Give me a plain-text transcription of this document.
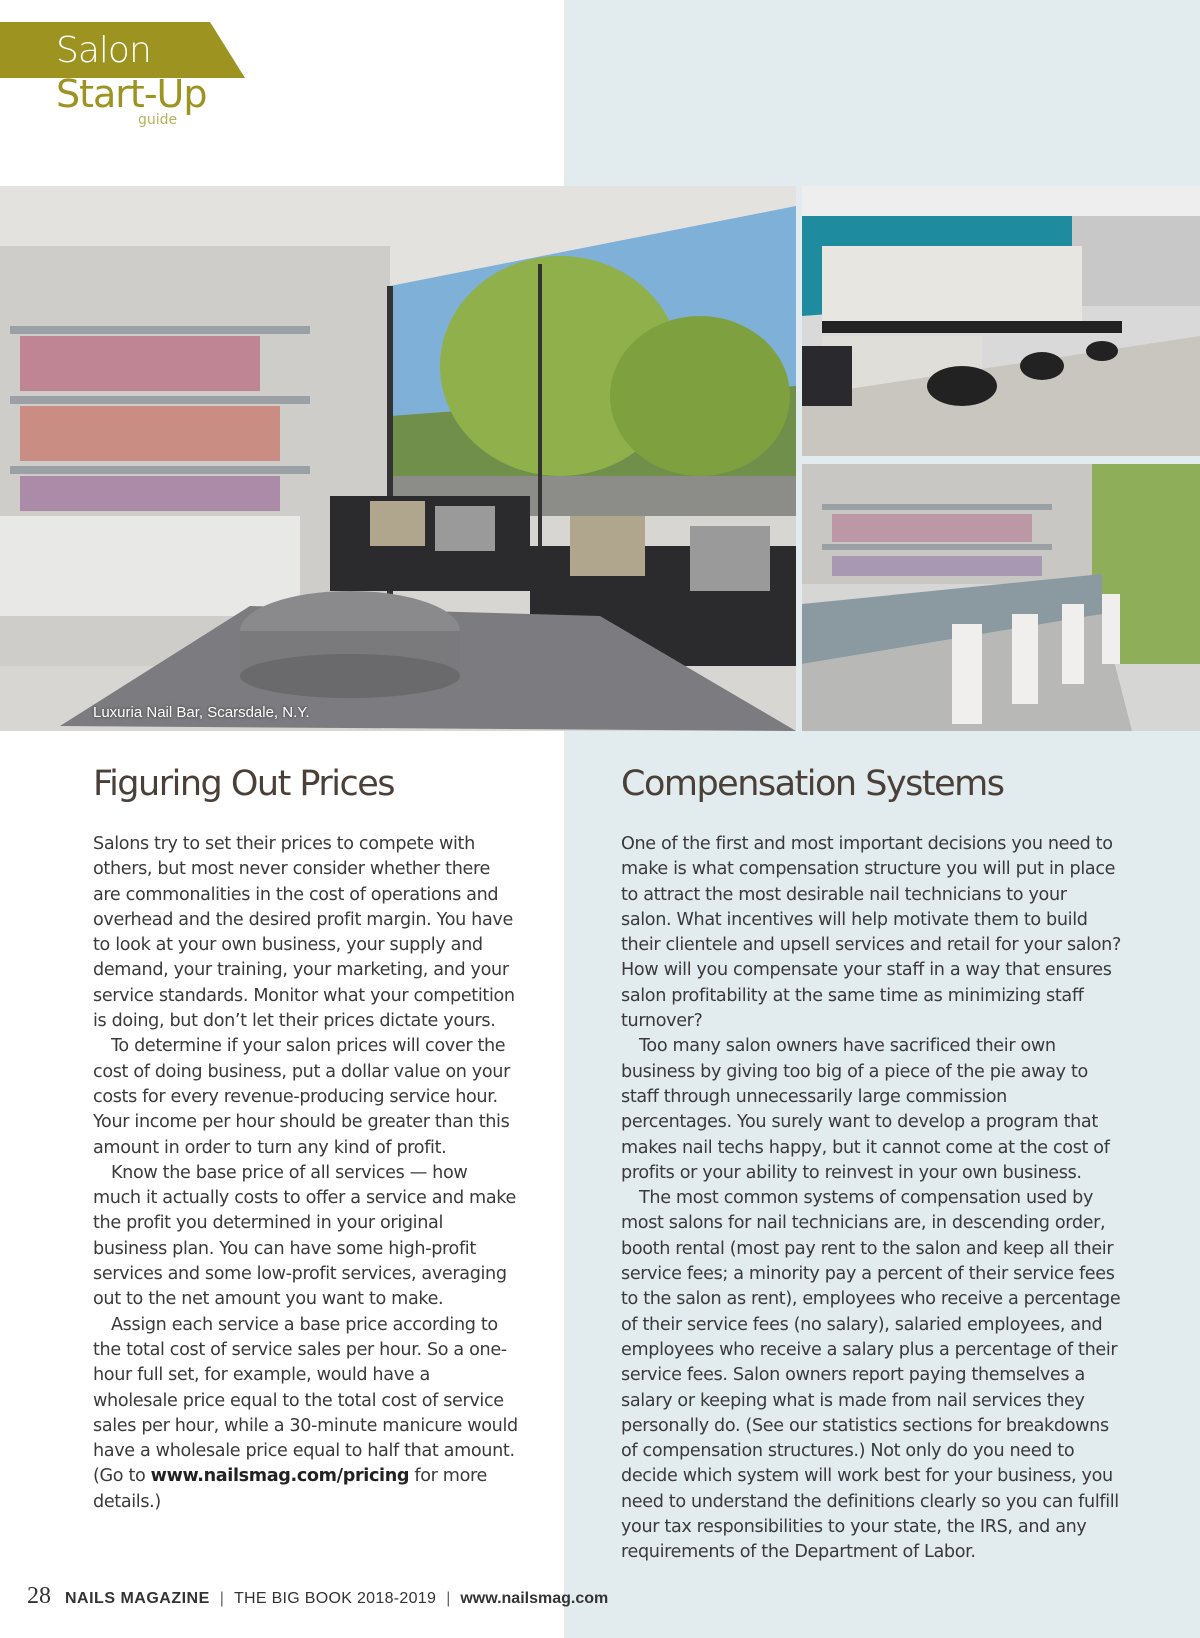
Salon
Start-Up
guide
Luxuria Nail Bar, Scarsdale, N.Y.
Figuring Out Prices

Salons try to set their prices to compete with others, but most never consider whether there are commonalities in the cost of operations and overhead and the desired profit margin. You have to look at your own business, your supply and demand, your training, your marketing, and your service standards. Monitor what your competition is doing, but don’t let their prices dictate yours.

To determine if your salon prices will cover the cost of doing business, put a dollar value on your costs for every revenue-producing service hour. Your income per hour should be greater than this amount in order to turn any kind of profit.

Know the base price of all services — how much it actually costs to offer a service and make the profit you determined in your original business plan. You can have some high-profit services and some low-profit services, averaging out to the net amount you want to make.

Assign each service a base price according to the total cost of service sales per hour. So a one-hour full set, for example, would have a wholesale price equal to the total cost of service sales per hour, while a 30-minute manicure would have a wholesale price equal to half that amount. (Go to www.nailsmag.com/pricing for more details.)

Compensation Systems

One of the first and most important decisions you need to make is what compensation structure you will put in place to attract the most desirable nail technicians to your salon. What incentives will help motivate them to build their clientele and upsell services and retail for your salon? How will you compensate your staff in a way that ensures salon profitability at the same time as minimizing staff turnover?

Too many salon owners have sacrificed their own business by giving too big of a piece of the pie away to staff through unnecessarily large commission percentages. You surely want to develop a program that makes nail techs happy, but it cannot come at the cost of profits or your ability to reinvest in your own business.

The most common systems of compensation used by most salons for nail technicians are, in descending order, booth rental (most pay rent to the salon and keep all their service fees; a minority pay a percent of their service fees to the salon as rent), employees who receive a percentage of their service fees (no salary), salaried employees, and employees who receive a salary plus a percentage of their service fees. Salon owners report paying themselves a salary or keeping what is made from nail services they personally do. (See our statistics sections for breakdowns of compensation structures.) Not only do you need to decide which system will work best for your business, you need to understand the definitions clearly so you can fulfill your tax responsibilities to your state, the IRS, and any requirements of the Department of Labor.

28 NAILS MAGAZINE | THE BIG BOOK 2018-2019 | www.nailsmag.com
